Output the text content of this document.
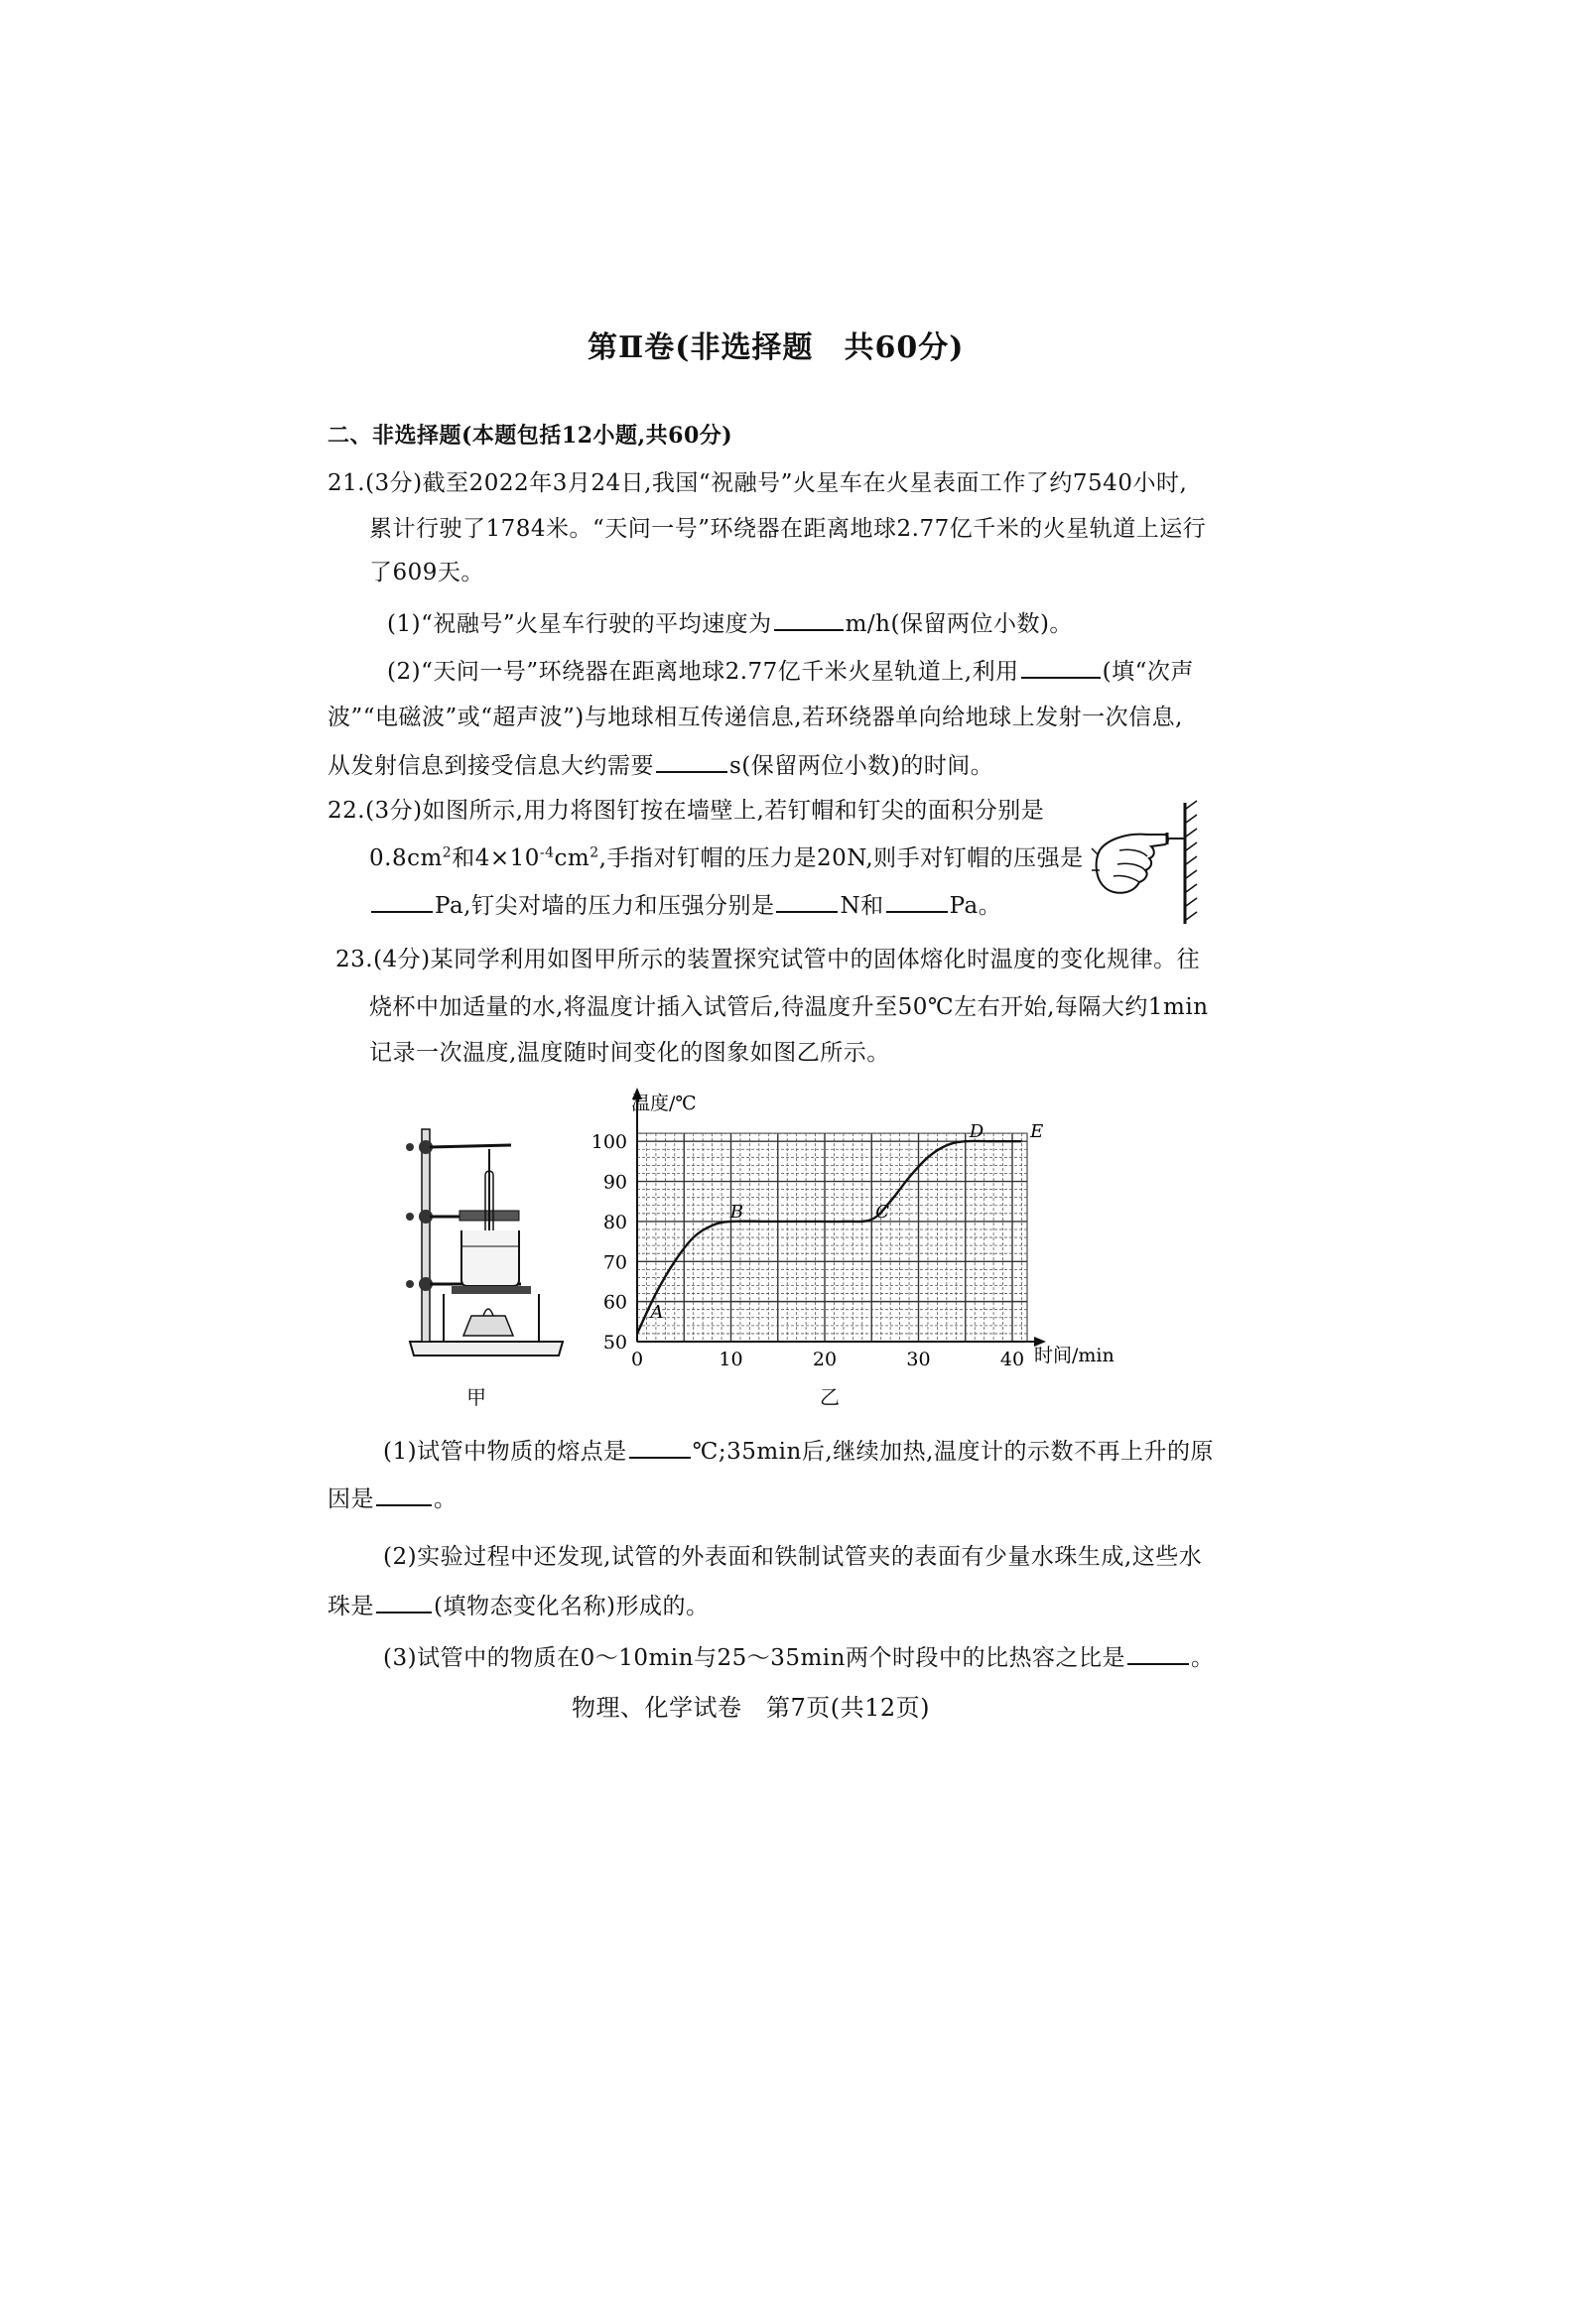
第Ⅱ卷(非选择题　共60分)
二、非选择题(本题包括12小题,共60分)
21.(3分)截至2022年3月24日,我国“祝融号”火星车在火星表面工作了约7540小时,
累计行驶了1784米。“天问一号”环绕器在距离地球2.77亿千米的火星轨道上运行
了609天。
(1)“祝融号”火星车行驶的平均速度为	m/h(保留两位小数)。
(2)“天问一号”环绕器在距离地球2.77亿千米火星轨道上,利用	(填“次声
波”“电磁波”或“超声波”)与地球相互传递信息,若环绕器单向给地球上发射一次信息,
从发射信息到接受信息大约需要	s(保留两位小数)的时间。
22.(3分)如图所示,用力将图钉按在墙壁上,若钉帽和钉尖的面积分别是
$0.8cm^2$和$4\times 10^{-4}cm^2$,手指对钉帽的压力是20N,则手对钉帽的压强是
Pa,钉尖对墙的压力和压强分别是	N和	Pa。
23.(4分)某同学利用如图甲所示的装置探究试管中的固体熔化时温度的变化规律。往
烧杯中加适量的水,将温度计插入试管后,待温度升至50℃左右开始,每隔大约1min
记录一次温度,温度随时间变化的图象如图乙所示。
甲
0	10	20	30	40
50
60
70
80
90
100
A
B	C
D	E
温度/℃
时间/min
乙
(1)试管中物质的熔点是	℃;35min后,继续加热,温度计的示数不再上升的原
因是	。
(2)实验过程中还发现,试管的外表面和铁制试管夹的表面有少量水珠生成,这些水
珠是	(填物态变化名称)形成的。
(3)试管中的物质在0～10min与25～35min两个时段中的比热容之比是	。
物理、化学试卷　第7页(共12页)
